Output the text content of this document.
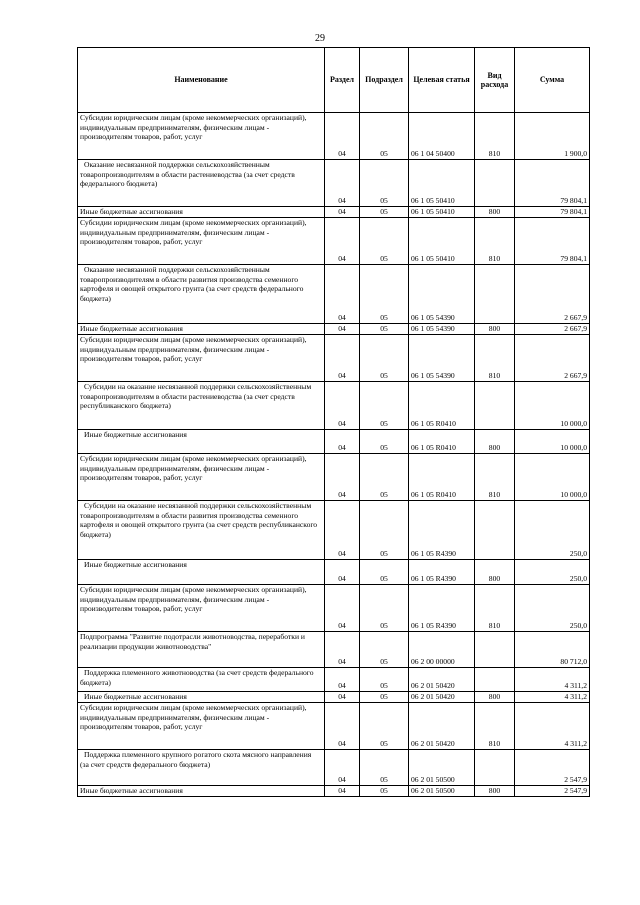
29
Наименование	Раздел	Подраздел	Целевая статья	Вид расхода	Сумма

Субсидии юридическим лицам (кроме некоммерческих организаций), индивидуальным предпринимателям, физическим лицам - производителям товаров, работ, услуг	04	05	06 1 04 50400	810	1 900,0

Оказание несвязанной поддержки сельскохозяйственным товаропроизводителям в области растениеводства (за счет средств федерального бюджета)	04	05	06 1 05 50410		79 804,1

Иные бюджетные ассигнования	04	05	06 1 05 50410	800	79 804,1

Субсидии юридическим лицам (кроме некоммерческих организаций), индивидуальным предпринимателям, физическим лицам - производителям товаров, работ, услуг	04	05	06 1 05 50410	810	79 804,1

Оказание несвязанной поддержки сельскохозяйственным товаропроизводителям в области развития производства семенного картофеля и овощей открытого грунта (за счет средств федерального бюджета)	04	05	06 1 05 54390		2 667,9

Иные бюджетные ассигнования	04	05	06 1 05 54390	800	2 667,9

Субсидии юридическим лицам (кроме некоммерческих организаций), индивидуальным предпринимателям, физическим лицам - производителям товаров, работ, услуг	04	05	06 1 05 54390	810	2 667,9

Субсидии на оказание несвязанной поддержки сельскохозяйственным товаропроизводителям в области растениеводства (за счет средств республиканского бюджета)	04	05	06 1 05 R0410		10 000,0

Иные бюджетные ассигнования	04	05	06 1 05 R0410	800	10 000,0

Субсидии юридическим лицам (кроме некоммерческих организаций), индивидуальным предпринимателям, физическим лицам - производителям товаров, работ, услуг	04	05	06 1 05 R0410	810	10 000,0

Субсидии на оказание несвязанной поддержки сельскохозяйственным товаропроизводителям в области развития производства семенного картофеля и овощей открытого грунта (за счет средств республиканского бюджета)	04	05	06 1 05 R4390		250,0

Иные бюджетные ассигнования	04	05	06 1 05 R4390	800	250,0

Субсидии юридическим лицам (кроме некоммерческих организаций), индивидуальным предпринимателям, физическим лицам - производителям товаров, работ, услуг	04	05	06 1 05 R4390	810	250,0

Подпрограмма "Развитие подотрасли животноводства, переработки и реализации продукции животноводства"	04	05	06 2 00 00000		80 712,0

Поддержка племенного животноводства (за счет средств федерального бюджета)	04	05	06 2 01 50420		4 311,2

Иные бюджетные ассигнования	04	05	06 2 01 50420	800	4 311,2

Субсидии юридическим лицам (кроме некоммерческих организаций), индивидуальным предпринимателям, физическим лицам - производителям товаров, работ, услуг	04	05	06 2 01 50420	810	4 311,2

Поддержка племенного крупного рогатого скота мясного направления (за счет средств федерального бюджета)	04	05	06 2 01 50500		2 547,9

Иные бюджетные ассигнования	04	05	06 2 01 50500	800	2 547,9
